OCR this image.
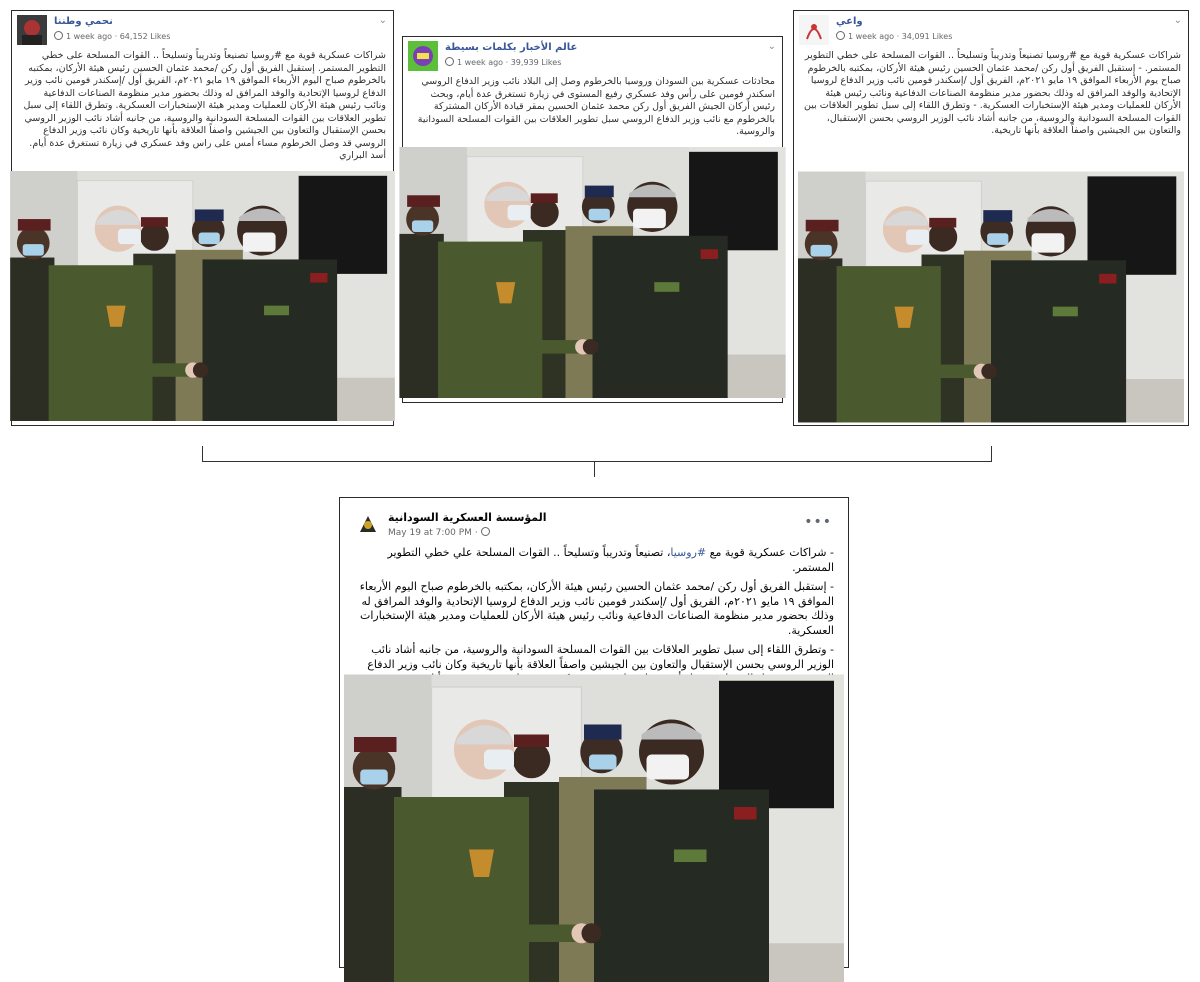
نحمي وطننا
1 week ago · 64,152 Likes
⌄
شراكات عسكرية قوية مع #روسيا تصنيعاً وتدريباً وتسليحاً .. القوات المسلحة على خطي التطوير المستمر. إستقبل الفريق أول ركن /محمد عثمان الحسين رئيس هيئة الأركان، بمكتبه بالخرطوم صباح اليوم الأربعاء الموافق ١٩ مايو ٢٠٢١م، الفريق أول /إسكندر فومين نائب وزير الدفاع لروسيا الإتحادية والوفد المرافق له وذلك بحضور مدير منظومة الصناعات الدفاعية ونائب رئيس هيئة الأركان للعمليات ومدير هيئة الإستخبارات العسكرية. وتطرق اللقاء إلى سبل تطوير العلاقات بين القوات المسلحة السودانية والروسية، من جانبه أشاد نائب الوزير الروسي بحسن الإستقبال والتعاون بين الجيشين واصفاً العلاقة بأنها تاريخية وكان نائب وزير الدفاع الروسي قد وصل الخرطوم مساء أمس على راس وفد عسكري في زيارة تستغرق عدة أيام. أسد البراري
عالم الأخبار بكلمات بسيطة
1 week ago · 39,939 Likes
⌄
محادثات عسكرية بين السودان وروسيا بالخرطوم وصل إلى البلاد نائب وزير الدفاع الروسي اسكندر فومين على رأس وفد عسكري رفيع المستوى في زيارة تستغرق عدة أيام، وبحث رئيس أركان الجيش الفريق أول ركن محمد عثمان الحسين بمقر قيادة الأركان المشتركة بالخرطوم مع نائب وزير الدفاع الروسي سبل تطوير العلاقات بين القوات المسلحة السودانية والروسية.
واعي
1 week ago · 34,091 Likes
⌄
شراكات عسكرية قوية مع #روسيا تصنيعاً وتدريباً وتسليحاً .. القوات المسلحة على خطي التطوير المستمر. - إستقبل الفريق أول ركن /محمد عثمان الحسين رئيس هيئة الأركان، بمكتبه بالخرطوم صباح يوم الأربعاء الموافق ١٩ مايو ٢٠٢١م، الفريق أول /إسكندر فومين نائب وزير الدفاع لروسيا الإتحادية والوفد المرافق له وذلك بحضور مدير منظومة الصناعات الدفاعية ونائب رئيس هيئة الأركان للعمليات ومدير هيئة الإستخبارات العسكرية. - وتطرق اللقاء إلى سبل تطوير العلاقات بين القوات المسلحة السودانية والروسية، من جانبه أشاد نائب الوزير الروسي بحسن الإستقبال، والتعاون بين الجيشين واصفاً العلاقة بأنها تاريخية.
المؤسسة العسكرية السودانية
May 19 at 7:00 PM ·
•••

- شراكات عسكرية قوية مع #روسيا، تصنيعاً وتدريباً وتسليحاً .. القوات المسلحة علي خطي التطوير المستمر.

- إستقبل الفريق أول ركن /محمد عثمان الحسين رئيس هيئة الأركان، بمكتبه بالخرطوم صباح اليوم الأربعاء الموافق ١٩ مايو ٢٠٢١م، الفريق أول /إسكندر فومين نائب وزير الدفاع لروسيا الإتحادية والوفد المرافق له وذلك بحضور مدير منظومة الصناعات الدفاعية ونائب رئيس هيئة الأركان للعمليات ومدير هيئة الإستخبارات العسكرية.

- وتطرق اللقاء إلى سبل تطوير العلاقات بين القوات المسلحة السودانية والروسية، من جانبه أشاد نائب الوزير الروسي بحسن الإستقبال والتعاون بين الجيشين واصفاً العلاقة بأنها تاريخية وكان نائب وزير الدفاع
